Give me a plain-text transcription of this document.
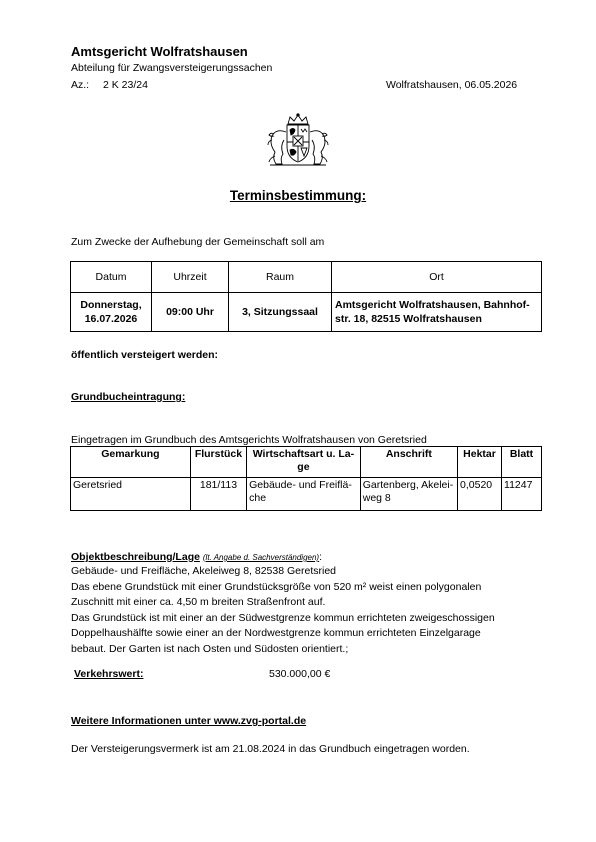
Amtsgericht Wolfratshausen
Abteilung für Zwangsversteigerungssachen
Az.: 2 K 23/24	Wolfratshausen, 06.05.2026
Terminsbestimmung:
Zum Zwecke der Aufhebung der Gemeinschaft soll am
Datum	Uhrzeit	Raum	Ort
Donnerstag,
16.07.2026	09:00 Uhr	3, Sitzungssaal	Amtsgericht Wolfratshausen, Bahnhof-
str. 18, 82515 Wolfratshausen
öffentlich versteigert werden:
Grundbucheintragung:
Eingetragen im Grundbuch des Amtsgerichts Wolfratshausen von Geretsried
Gemarkung	Flurstück	Wirtschaftsart u. La-
ge	Anschrift	Hektar	Blatt
Geretsried	181/113	Gebäude- und Freiflä-
che	Gartenberg, Akelei-
weg 8	0,0520	11247
Objektbeschreibung/Lage (lt. Angabe d. Sachverständigen):
Gebäude- und Freifläche, Akeleiweg 8, 82538 Geretsried
Das ebene Grundstück mit einer Grundstücksgröße von 520 m² weist einen polygonalen
Zuschnitt mit einer ca. 4,50 m breiten Straßenfront auf.
Das Grundstück ist mit einer an der Südwestgrenze kommun errichteten zweigeschossigen
Doppelhaushälfte sowie einer an der Nordwestgrenze kommun errichteten Einzelgarage
bebaut. Der Garten ist nach Osten und Südosten orientiert.;
Verkehrswert:	530.000,00 €
Weitere Informationen unter www.zvg-portal.de
Der Versteigerungsvermerk ist am 21.08.2024 in das Grundbuch eingetragen worden.
